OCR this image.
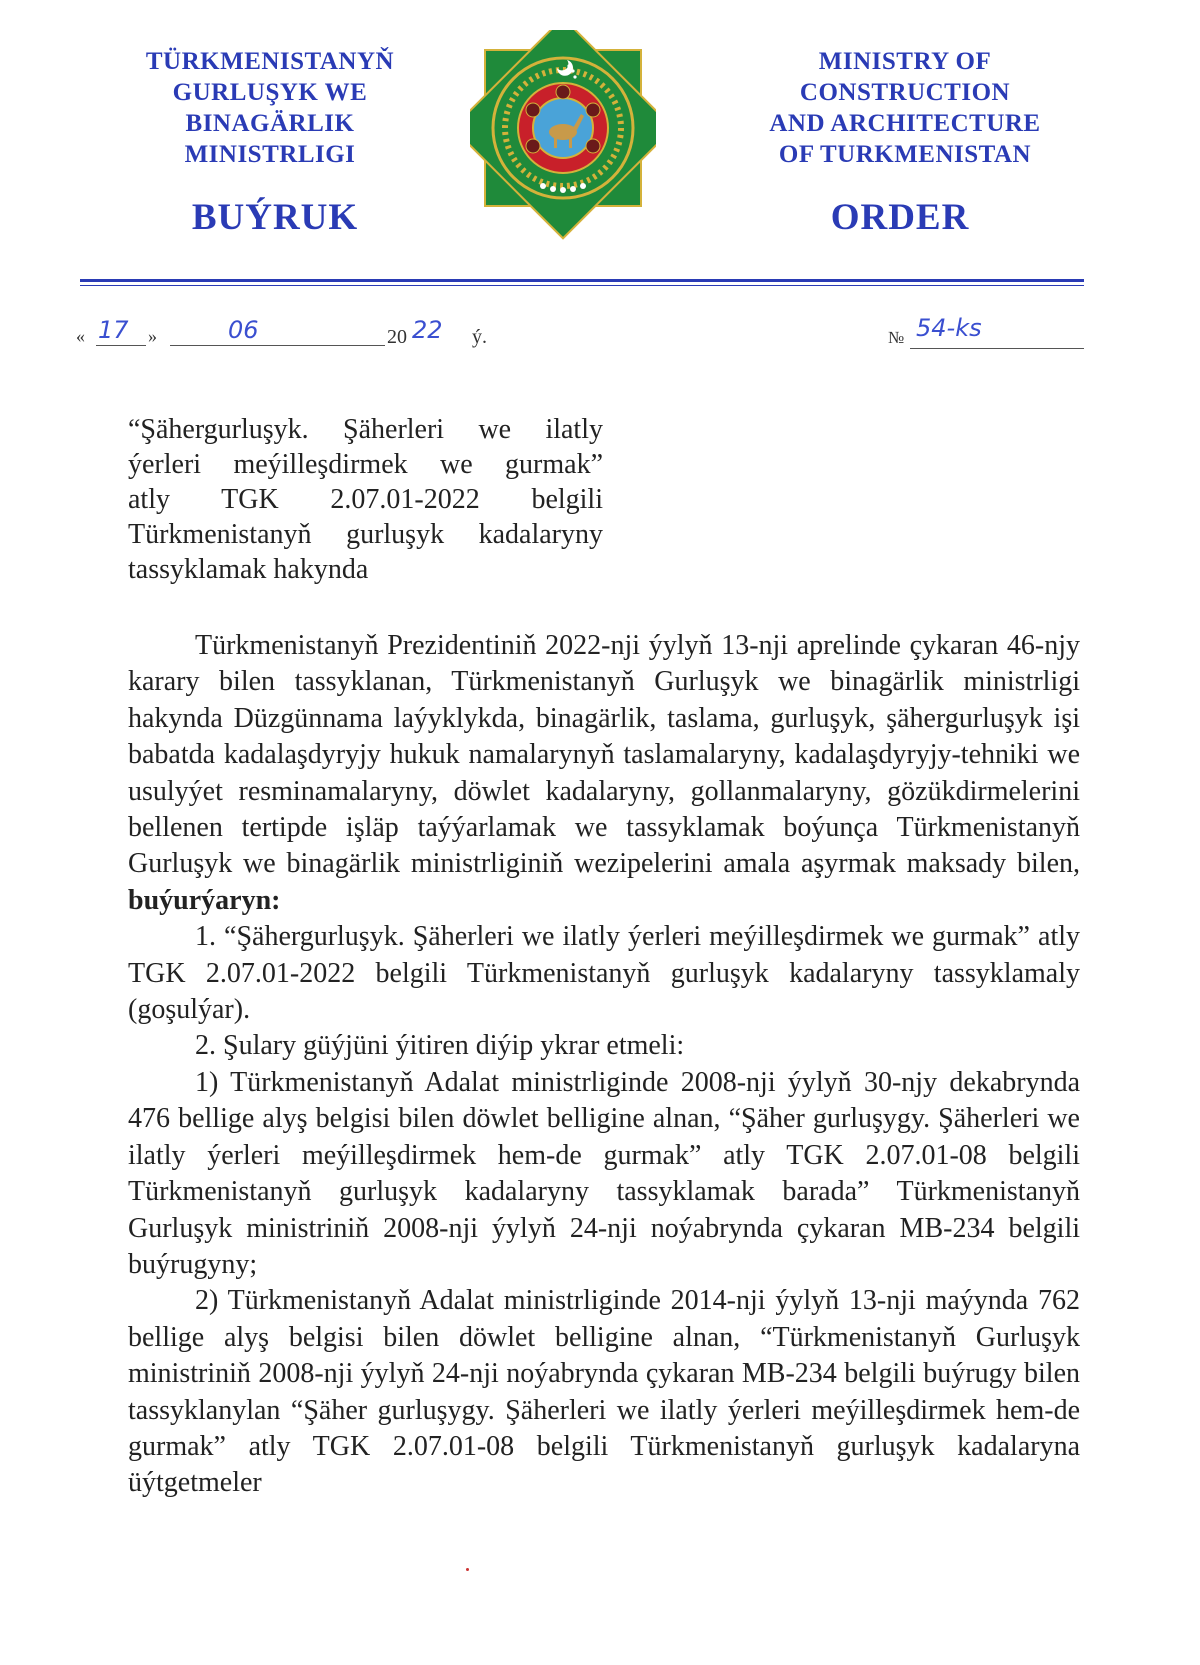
TÜRKMENISTANYŇ
GURLUŞYK WE
BINAGÄRLIK
MINISTRLIGI
BUÝRUK
MINISTRY OF
CONSTRUCTION
AND ARCHITECTURE
OF TURKMENISTAN
ORDER
« 17 »	06	20 22 ý.	№ 54-ks
“Şähergurluşyk. Şäherleri we ilatly
ýerleri meýilleşdirmek we gurmak”
atly TGK 2.07.01-2022 belgili
Türkmenistanyň gurluşyk kadalaryny
tassyklamak hakynda

Türkmenistanyň Prezidentiniň 2022-nji ýylyň 13-nji aprelinde çykaran 46-njy karary bilen tassyklanan, Türkmenistanyň Gurluşyk we binagärlik ministrligi hakynda Düzgünnama laýyklykda, binagärlik, taslama, gurluşyk, şähergurluşyk işi babatda kadalaşdyryjy hukuk namalarynyň taslamalaryny, kadalaşdyryjy-tehniki we usulyýet resminamalaryny, döwlet kadalaryny, gollanmalaryny, gözükdirmelerini bellenen tertipde işläp taýýarlamak we tassyklamak boýunça Türkmenistanyň Gurluşyk we binagärlik ministrliginiň wezipelerini amala aşyrmak maksady bilen, buýurýaryn:

1. “Şähergurluşyk. Şäherleri we ilatly ýerleri meýilleşdirmek we gurmak” atly TGK 2.07.01-2022 belgili Türkmenistanyň gurluşyk kadalaryny tassyklamaly (goşulýar).

2. Şulary güýjüni ýitiren diýip ykrar etmeli:

1) Türkmenistanyň Adalat ministrliginde 2008-nji ýylyň 30-njy dekabrynda 476 bellige alyş belgisi bilen döwlet belligine alnan, “Şäher gurluşygy. Şäherleri we ilatly ýerleri meýilleşdirmek hem-de gurmak” atly TGK 2.07.01-08 belgili Türkmenistanyň gurluşyk kadalaryny tassyklamak barada” Türkmenistanyň Gurluşyk ministriniň 2008-nji ýylyň 24-nji noýabrynda çykaran MB-234 belgili buýrugyny;

2) Türkmenistanyň Adalat ministrliginde 2014-nji ýylyň 13-nji maýynda 762 bellige alyş belgisi bilen döwlet belligine alnan, “Türkmenistanyň Gurluşyk ministriniň 2008-nji ýylyň 24-nji noýabrynda çykaran MB-234 belgili buýrugy bilen tassyklanylan “Şäher gurluşygy. Şäherleri we ilatly ýerleri meýilleşdirmek hem-de gurmak” atly TGK 2.07.01-08 belgili Türkmenistanyň gurluşyk kadalaryna üýtgetmeler
